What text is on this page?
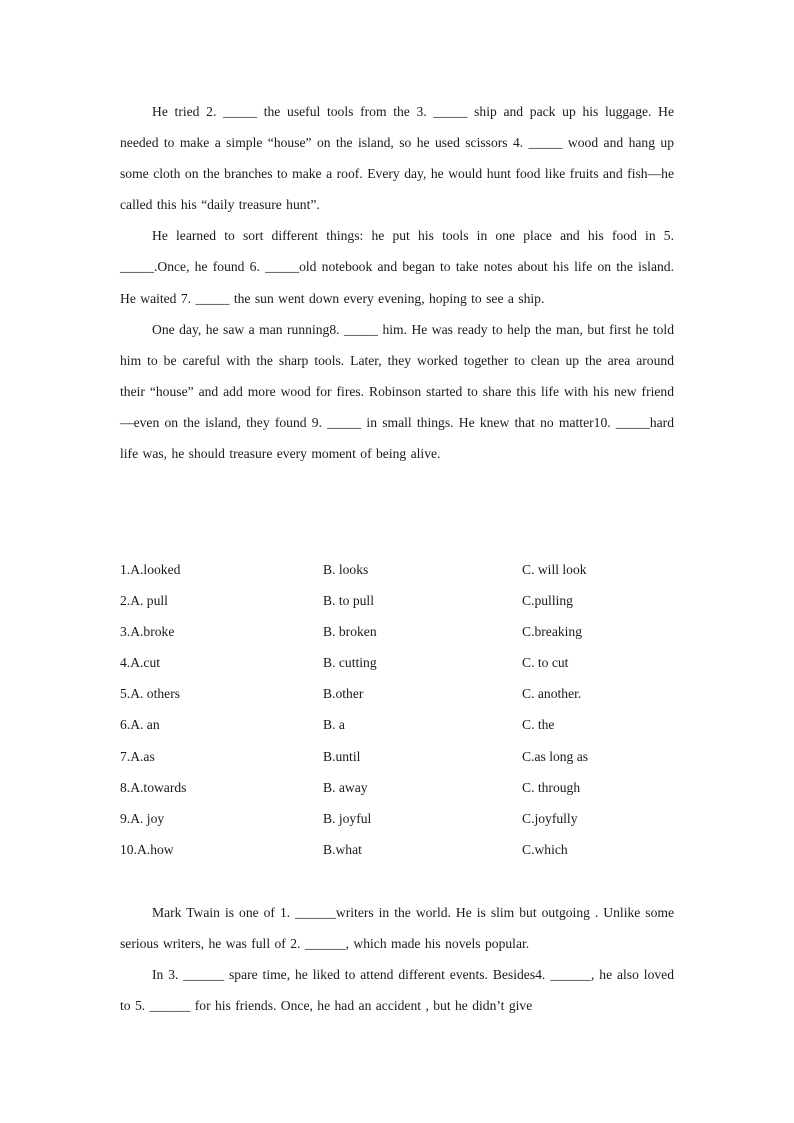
He tried 2. _____ the useful tools from the 3. _____ ship and pack up his luggage. He needed to make a simple “house” on the island, so he used scissors 4. _____ wood and hang up some cloth on the branches to make a roof. Every day, he would hunt food like fruits and fish—he called this his “daily treasure hunt”.

He learned to sort different things: he put his tools in one place and his food in 5. _____.Once, he found 6. _____old notebook and began to take notes about his life on the island. He waited 7. _____ the sun went down every evening, hoping to see a ship.

One day, he saw a man running8. _____ him. He was ready to help the man, but first he told him to be careful with the sharp tools. Later, they worked together to clean up the area around their “house” and add more wood for fires. Robinson started to share this life with his new friend—even on the island, they found 9. _____ in small things. He knew that no matter10. _____hard life was, he should treasure every moment of being alive.

1.A.looked	B. looks	C. will look
2.A. pull	B. to pull	C.pulling
3.A.broke	B. broken	C.breaking
4.A.cut	B. cutting	C. to cut
5.A. others	B.other	C. another.
6.A. an	B. a	C. the
7.A.as	B.until	C.as long as
8.A.towards	B. away	C. through
9.A. joy	B. joyful	C.joyfully
10.A.how	B.what	C.which

Mark Twain is one of 1. ______writers in the world. He is slim but outgoing . Unlike some serious writers, he was full of 2. ______, which made his novels popular.

In 3. ______ spare time, he liked to attend different events. Besides4. ______, he also loved to 5. ______ for his friends. Once, he had an accident , but he didn’t give
